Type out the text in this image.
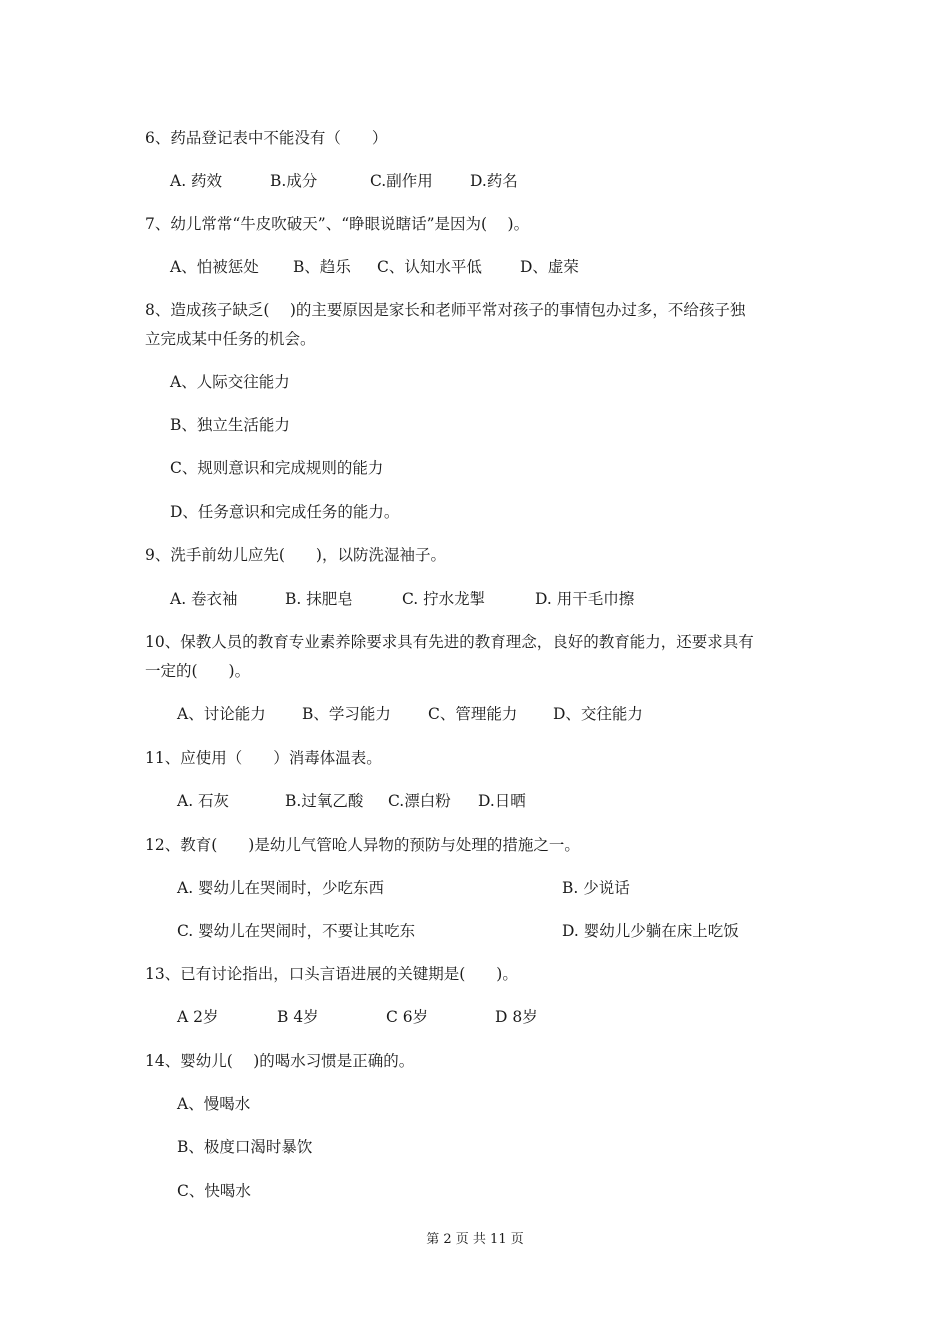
6、药品登记表中不能没有（　　）
A. 药效	B.成分	C.副作用 D.药名
7、幼儿常常“牛皮吹破天”、“睁眼说瞎话”是因为(　 )。
A、怕被惩处 B、趋乐 C、认知水平低 D、虚荣
8、造成孩子缺乏(　 )的主要原因是家长和老师平常对孩子的事情包办过多，不给孩子独
立完成某中任务的机会。
A、人际交往能力
B、独立生活能力
C、规则意识和完成规则的能力
D、任务意识和完成任务的能力。
9、洗手前幼儿应先(　　)，以防洗湿袖子。
A. 卷衣袖	B. 抹肥皂	C. 拧水龙掣	D. 用干毛巾擦
10、保教人员的教育专业素养除要求具有先进的教育理念，良好的教育能力，还要求具有
一定的(　　)。
A、讨论能力 B、学习能力 C、管理能力 D、交往能力
11、应使用（　　）消毒体温表。
A. 石灰	B.过氧乙酸 C.漂白粉 D.日晒
12、教育(　　)是幼儿气管呛人异物的预防与处理的措施之一。
A. 婴幼儿在哭闹时，少吃东西	B. 少说话
C. 婴幼儿在哭闹时，不要让其吃东	D. 婴幼儿少躺在床上吃饭
13、已有讨论指出，口头言语进展的关键期是(　　)。
A 2岁	B 4岁	C 6岁	D 8岁
14、婴幼儿(　 )的喝水习惯是正确的。
A、慢喝水
B、极度口渴时暴饮
C、快喝水
第 2 页 共 11 页
